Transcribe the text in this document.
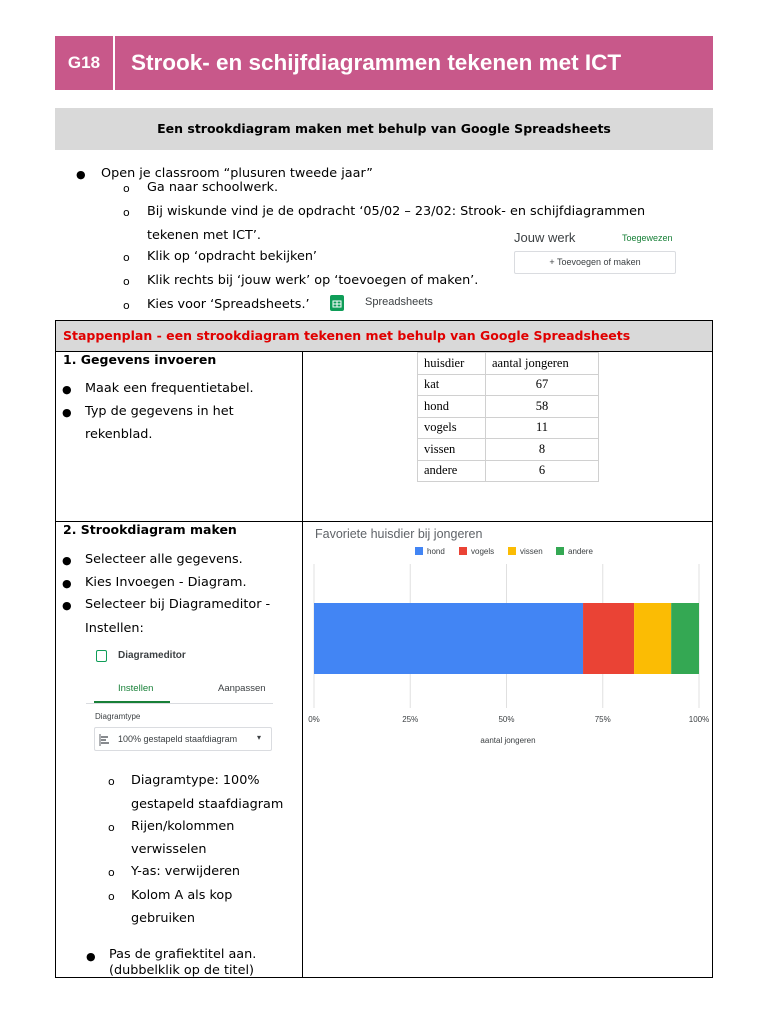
G18	Strook- en schijfdiagrammen tekenen met ICT
Een strookdiagram maken met behulp van Google Spreadsheets
● Open je classroom “plusuren tweede jaar”
o Ga naar schoolwerk.
o Bij wiskunde vind je de opdracht ‘05/02 – 23/02: Strook- en schijfdiagrammen
tekenen met ICT’.
o Klik op ‘opdracht bekijken’
o Klik rechts bij ‘jouw werk’ op ‘toevoegen of maken’.
o Kies voor ‘Spreadsheets.’
Jouw werk	Toegewezen
+ Toevoegen of maken
Spreadsheets
Stappenplan - een strookdiagram tekenen met behulp van Google Spreadsheets
1. Gegevens invoeren
● Maak een frequentietabel.
● Typ de gegevens in het
rekenblad.
huisdier	aantal jongeren
kat	67
hond	58
vogels	11
vissen	8
andere	6
2. Strookdiagram maken
● Selecteer alle gegevens.
● Kies Invoegen - Diagram.
● Selecteer bij Diagrameditor -
Instellen:
Diagrameditor
Instellen	Aanpassen
Diagramtype
100% gestapeld staafdiagram ▾
o Diagramtype: 100%
gestapeld staafdiagram
o Rijen/kolommen
verwisselen
o Y-as: verwijderen
o Kolom A als kop
gebruiken
● Pas de grafiektitel aan.
(dubbelklik op de titel)
Favoriete huisdier bij jongeren
hond	vogels	vissen	andere
0%	25%	50%	75%	100%
aantal jongeren
